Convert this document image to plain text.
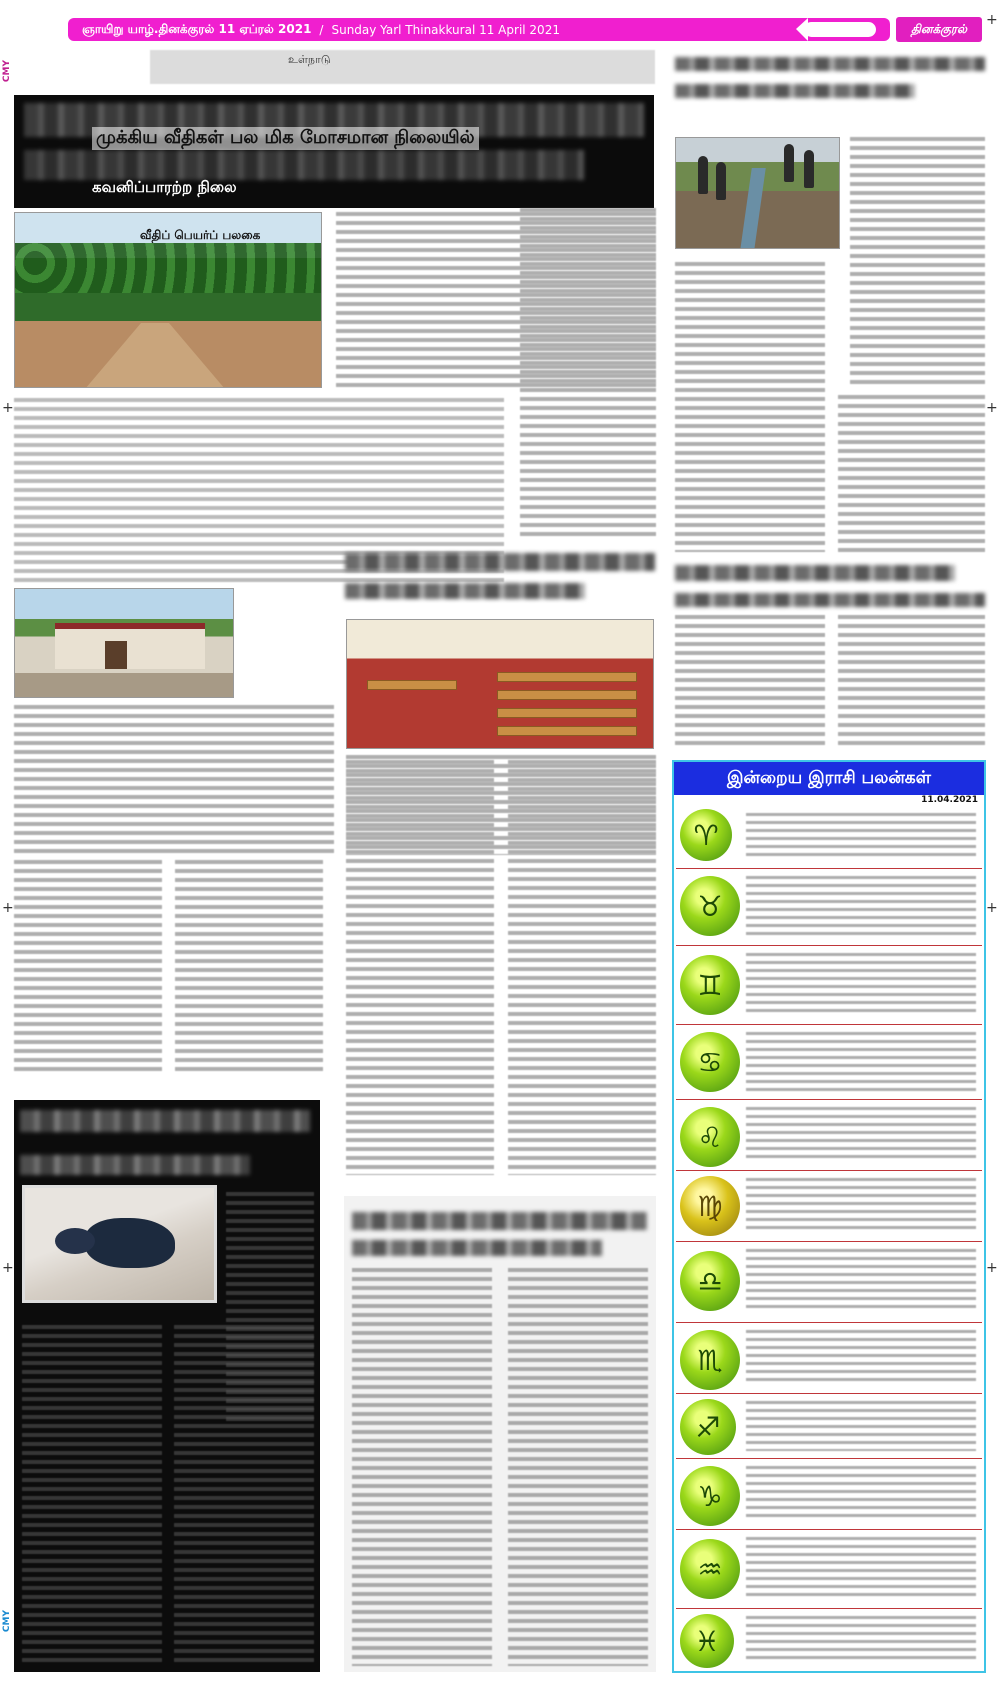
ஞாயிறு யாழ்.தினக்குரல் 11 ஏப்ரல் 2021 / Sunday Yarl Thinakkural 11 April 2021	தினக்குரல்
+
+
+
+
+
+
+
CMY
CMY
உள்நாடு
முக்கிய வீதிகள் பல மிக மோசமான நிலையில்
கவனிப்பாரற்ற நிலை
வீதிப் பெயர்ப் பலகை
இன்றைய இராசி பலன்கள்
11.04.2021
♈
♉
♊
♋
♌
♍
♎
♏
♐
♑
♒
♓
